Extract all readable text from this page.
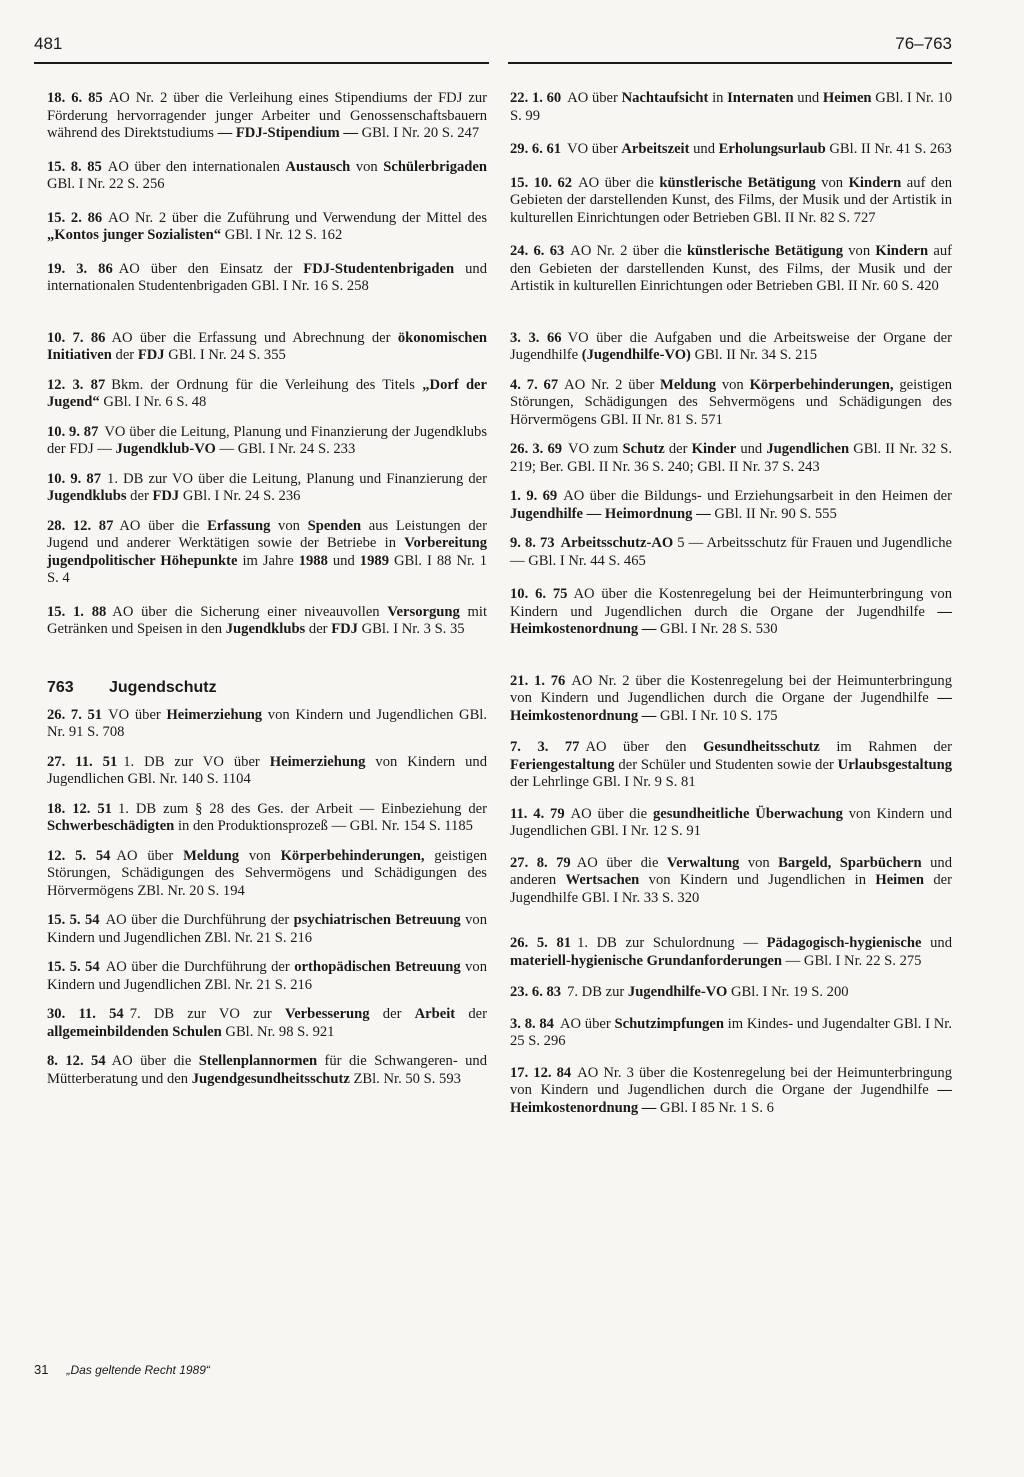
481	76–763

18. 6. 85 AO Nr. 2 über die Verleihung eines Stipendiums der FDJ zur Förderung hervorragender junger Arbeiter und Genossenschaftsbauern während des Direktstudiums — FDJ-Stipendium — GBl. I Nr. 20 S. 247

15. 8. 85 AO über den internationalen Austausch von Schülerbrigaden GBl. I Nr. 22 S. 256

15. 2. 86 AO Nr. 2 über die Zuführung und Verwendung der Mittel des „Kontos junger Sozialisten“ GBl. I Nr. 12 S. 162

19. 3. 86 AO über den Einsatz der FDJ-Studentenbrigaden und internationalen Studentenbrigaden GBl. I Nr. 16 S. 258

10. 7. 86 AO über die Erfassung und Abrechnung der ökonomischen Initiativen der FDJ GBl. I Nr. 24 S. 355

12. 3. 87 Bkm. der Ordnung für die Verleihung des Titels „Dorf der Jugend“ GBl. I Nr. 6 S. 48

10. 9. 87 VO über die Leitung, Planung und Finanzierung der Jugendklubs der FDJ — Jugendklub-VO — GBl. I Nr. 24 S. 233

10. 9. 87 1. DB zur VO über die Leitung, Planung und Finanzierung der Jugendklubs der FDJ GBl. I Nr. 24 S. 236

28. 12. 87 AO über die Erfassung von Spenden aus Leistungen der Jugend und anderer Werktätigen sowie der Betriebe in Vorbereitung jugendpolitischer Höhepunkte im Jahre 1988 und 1989 GBl. I 88 Nr. 1 S. 4

15. 1. 88 AO über die Sicherung einer niveauvollen Versorgung mit Getränken und Speisen in den Jugendklubs der FDJ GBl. I Nr. 3 S. 35

763 Jugendschutz

26. 7. 51 VO über Heimerziehung von Kindern und Jugendlichen GBl. Nr. 91 S. 708

27. 11. 51 1. DB zur VO über Heimerziehung von Kindern und Jugendlichen GBl. Nr. 140 S. 1104

18. 12. 51 1. DB zum § 28 des Ges. der Arbeit — Einbeziehung der Schwerbeschädigten in den Produktionsprozeß — GBl. Nr. 154 S. 1185

12. 5. 54 AO über Meldung von Körperbehinderungen, geistigen Störungen, Schädigungen des Sehvermögens und Schädigungen des Hörvermögens ZBl. Nr. 20 S. 194

15. 5. 54 AO über die Durchführung der psychiatrischen Betreuung von Kindern und Jugendlichen ZBl. Nr. 21 S. 216

15. 5. 54 AO über die Durchführung der orthopädischen Betreuung von Kindern und Jugendlichen ZBl. Nr. 21 S. 216

30. 11. 54 7. DB zur VO zur Verbesserung der Arbeit der allgemeinbildenden Schulen GBl. Nr. 98 S. 921

8. 12. 54 AO über die Stellenplannormen für die Schwangeren- und Mütterberatung und den Jugendgesundheitsschutz ZBl. Nr. 50 S. 593

22. 1. 60 AO über Nachtaufsicht in Internaten und Heimen GBl. I Nr. 10 S. 99

29. 6. 61 VO über Arbeitszeit und Erholungsurlaub GBl. II Nr. 41 S. 263

15. 10. 62 AO über die künstlerische Betätigung von Kindern auf den Gebieten der darstellenden Kunst, des Films, der Musik und der Artistik in kulturellen Einrichtungen oder Betrieben GBl. II Nr. 82 S. 727

24. 6. 63 AO Nr. 2 über die künstlerische Betätigung von Kindern auf den Gebieten der darstellenden Kunst, des Films, der Musik und der Artistik in kulturellen Einrichtungen oder Betrieben GBl. II Nr. 60 S. 420

3. 3. 66 VO über die Aufgaben und die Arbeitsweise der Organe der Jugendhilfe (Jugendhilfe-VO) GBl. II Nr. 34 S. 215

4. 7. 67 AO Nr. 2 über Meldung von Körperbehinderungen, geistigen Störungen, Schädigungen des Sehvermögens und Schädigungen des Hörvermögens GBl. II Nr. 81 S. 571

26. 3. 69 VO zum Schutz der Kinder und Jugendlichen GBl. II Nr. 32 S. 219; Ber. GBl. II Nr. 36 S. 240; GBl. II Nr. 37 S. 243

1. 9. 69 AO über die Bildungs- und Erziehungsarbeit in den Heimen der Jugendhilfe — Heimordnung — GBl. II Nr. 90 S. 555

9. 8. 73 Arbeitsschutz-AO 5 — Arbeitsschutz für Frauen und Jugendliche — GBl. I Nr. 44 S. 465

10. 6. 75 AO über die Kostenregelung bei der Heimunterbringung von Kindern und Jugendlichen durch die Organe der Jugendhilfe — Heimkostenordnung — GBl. I Nr. 28 S. 530

21. 1. 76 AO Nr. 2 über die Kostenregelung bei der Heimunterbringung von Kindern und Jugendlichen durch die Organe der Jugendhilfe — Heimkostenordnung — GBl. I Nr. 10 S. 175

7. 3. 77 AO über den Gesundheitsschutz im Rahmen der Feriengestaltung der Schüler und Studenten sowie der Urlaubsgestaltung der Lehrlinge GBl. I Nr. 9 S. 81

11. 4. 79 AO über die gesundheitliche Überwachung von Kindern und Jugendlichen GBl. I Nr. 12 S. 91

27. 8. 79 AO über die Verwaltung von Bargeld, Sparbüchern und anderen Wertsachen von Kindern und Jugendlichen in Heimen der Jugendhilfe GBl. I Nr. 33 S. 320

26. 5. 81 1. DB zur Schulordnung — Pädagogisch-hygienische und materiell-hygienische Grundanforderungen — GBl. I Nr. 22 S. 275

23. 6. 83 7. DB zur Jugendhilfe-VO GBl. I Nr. 19 S. 200

3. 8. 84 AO über Schutzimpfungen im Kindes- und Jugendalter GBl. I Nr. 25 S. 296

17. 12. 84 AO Nr. 3 über die Kostenregelung bei der Heimunterbringung von Kindern und Jugendlichen durch die Organe der Jugendhilfe — Heimkostenordnung — GBl. I 85 Nr. 1 S. 6

31 „Das geltende Recht 1989“
